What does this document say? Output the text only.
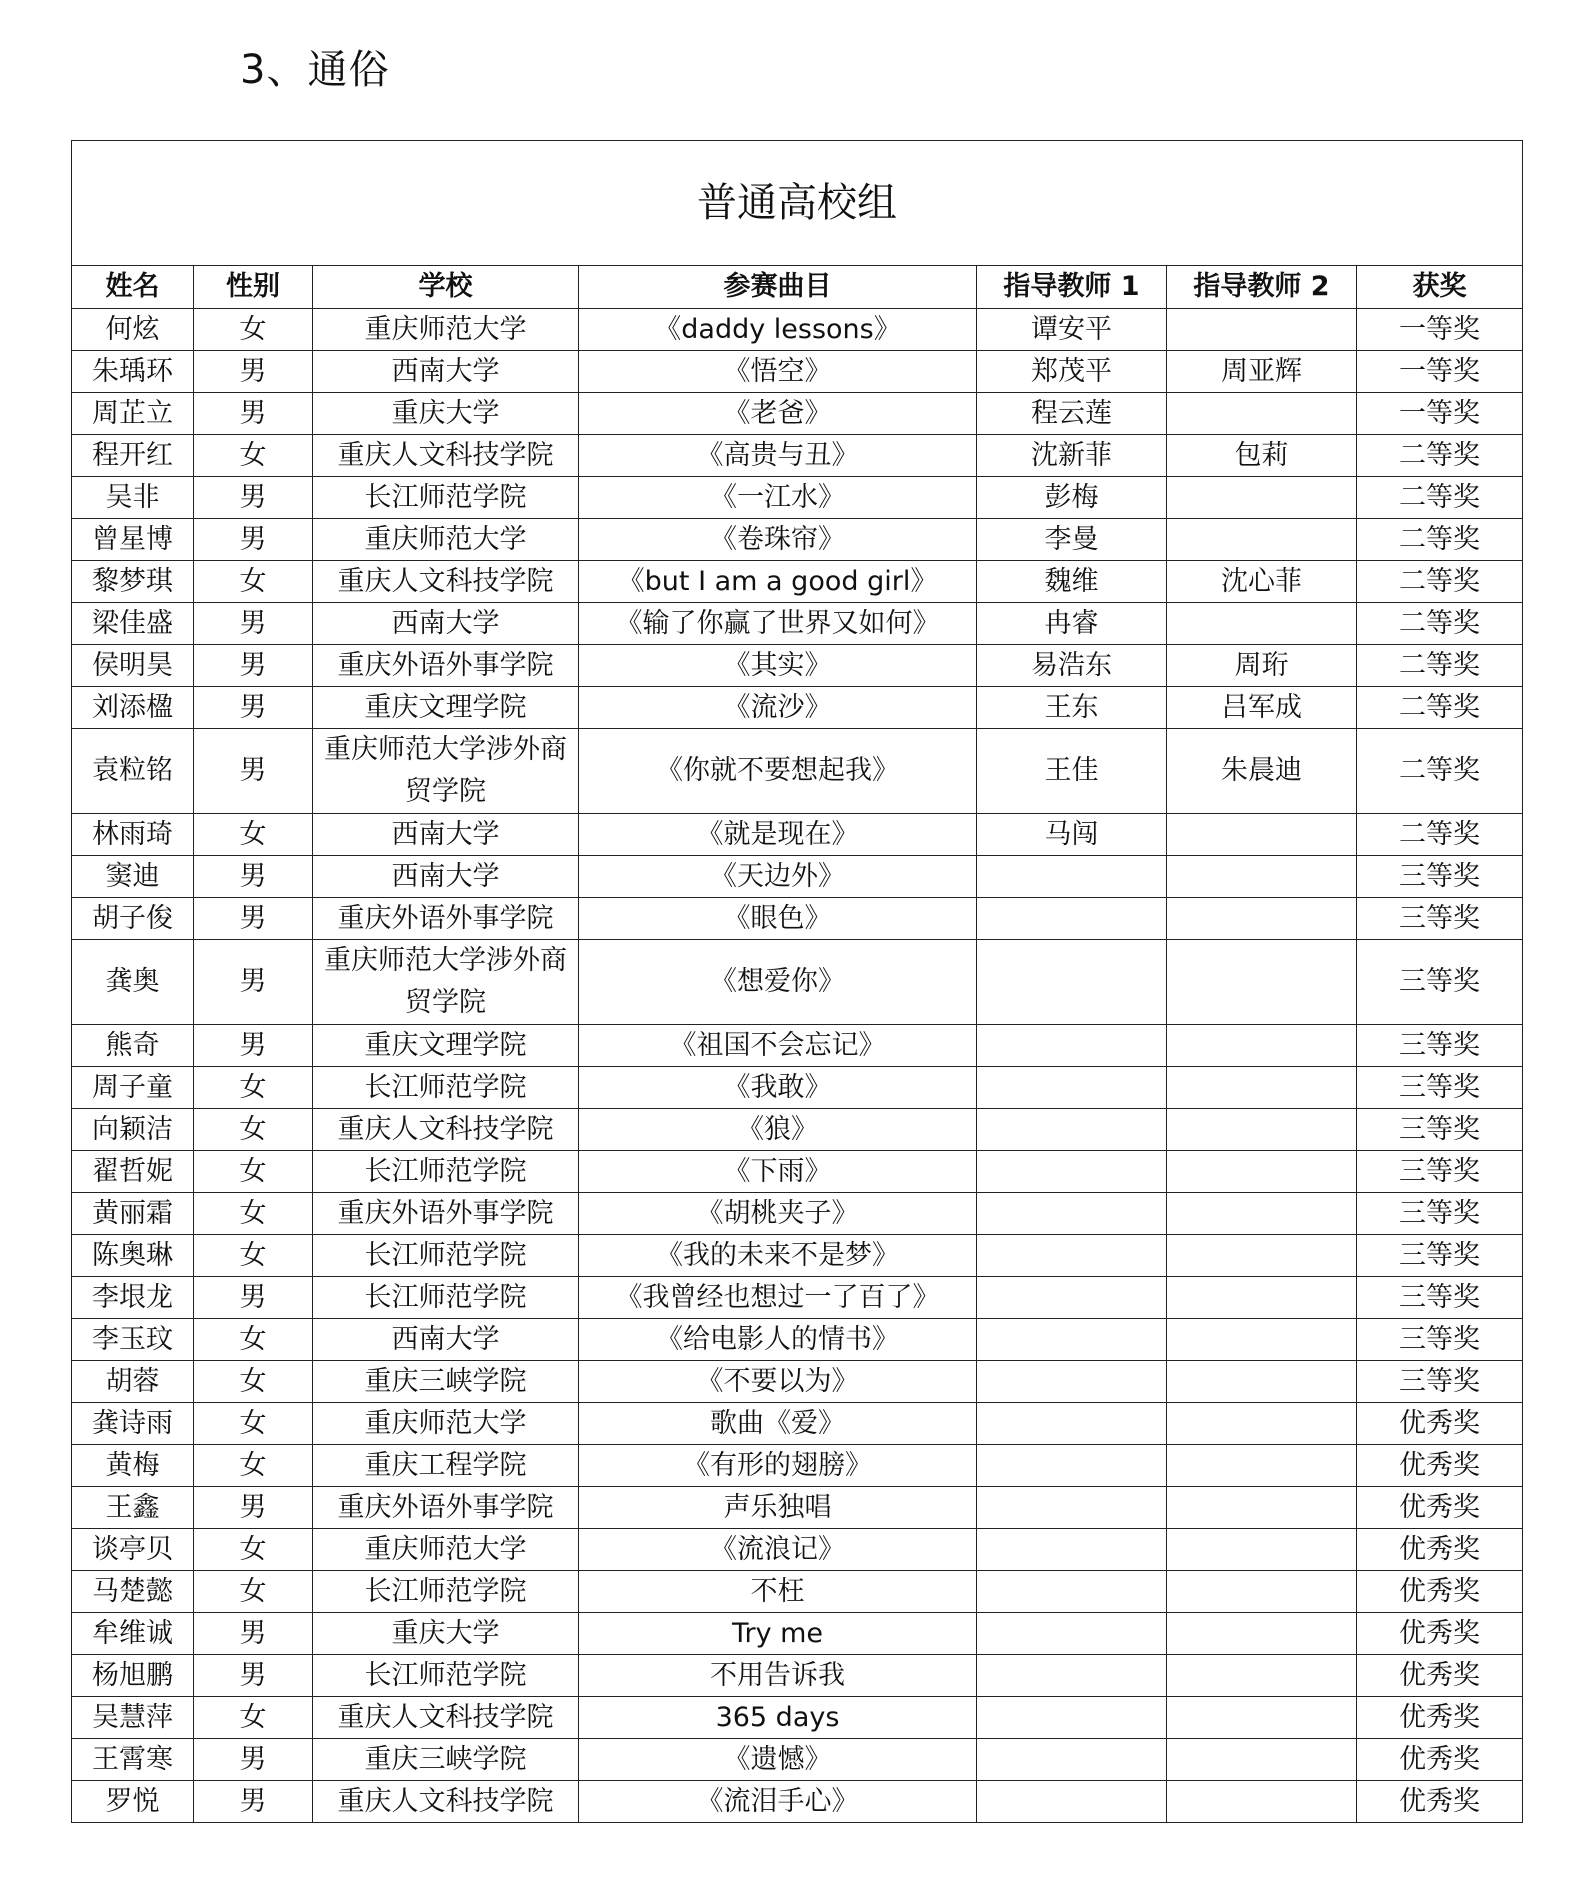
3、通俗
普通高校组						
姓名	性别	学校	参赛曲目	指导教师 1	指导教师 2	获奖
何炫	女	重庆师范大学	《daddy lessons》	谭安平		一等奖
朱瑀环	男	西南大学	《悟空》	郑茂平	周亚辉	一等奖
周芷立	男	重庆大学	《老爸》	程云莲		一等奖
程开红	女	重庆人文科技学院	《高贵与丑》	沈新菲	包莉	二等奖
吴非	男	长江师范学院	《一江水》	彭梅		二等奖
曾星博	男	重庆师范大学	《卷珠帘》	李曼		二等奖
黎梦琪	女	重庆人文科技学院	《but I am a good girl》	魏维	沈心菲	二等奖
梁佳盛	男	西南大学	《输了你赢了世界又如何》	冉睿		二等奖
侯明昊	男	重庆外语外事学院	《其实》	易浩东	周珩	二等奖
刘添楹	男	重庆文理学院	《流沙》	王东	吕军成	二等奖
袁粒铭	男	重庆师范大学涉外商贸学院	《你就不要想起我》	王佳	朱晨迪	二等奖
林雨琦	女	西南大学	《就是现在》	马闯		二等奖
窦迪	男	西南大学	《天边外》			三等奖
胡子俊	男	重庆外语外事学院	《眼色》			三等奖
龚奥	男	重庆师范大学涉外商贸学院	《想爱你》			三等奖
熊奇	男	重庆文理学院	《祖国不会忘记》			三等奖
周子童	女	长江师范学院	《我敢》			三等奖
向颖洁	女	重庆人文科技学院	《狼》			三等奖
翟哲妮	女	长江师范学院	《下雨》			三等奖
黄丽霜	女	重庆外语外事学院	《胡桃夹子》			三等奖
陈奥琳	女	长江师范学院	《我的未来不是梦》			三等奖
李垠龙	男	长江师范学院	《我曾经也想过一了百了》			三等奖
李玉玟	女	西南大学	《给电影人的情书》			三等奖
胡蓉	女	重庆三峡学院	《不要以为》			三等奖
龚诗雨	女	重庆师范大学	歌曲《爱》			优秀奖
黄梅	女	重庆工程学院	《有形的翅膀》			优秀奖
王鑫	男	重庆外语外事学院	声乐独唱			优秀奖
谈亭贝	女	重庆师范大学	《流浪记》			优秀奖
马楚懿	女	长江师范学院	不枉			优秀奖
牟维诚	男	重庆大学	Try me			优秀奖
杨旭鹏	男	长江师范学院	不用告诉我			优秀奖
吴慧萍	女	重庆人文科技学院	365 days			优秀奖
王霄寒	男	重庆三峡学院	《遗憾》			优秀奖
罗悦	男	重庆人文科技学院	《流泪手心》			优秀奖
